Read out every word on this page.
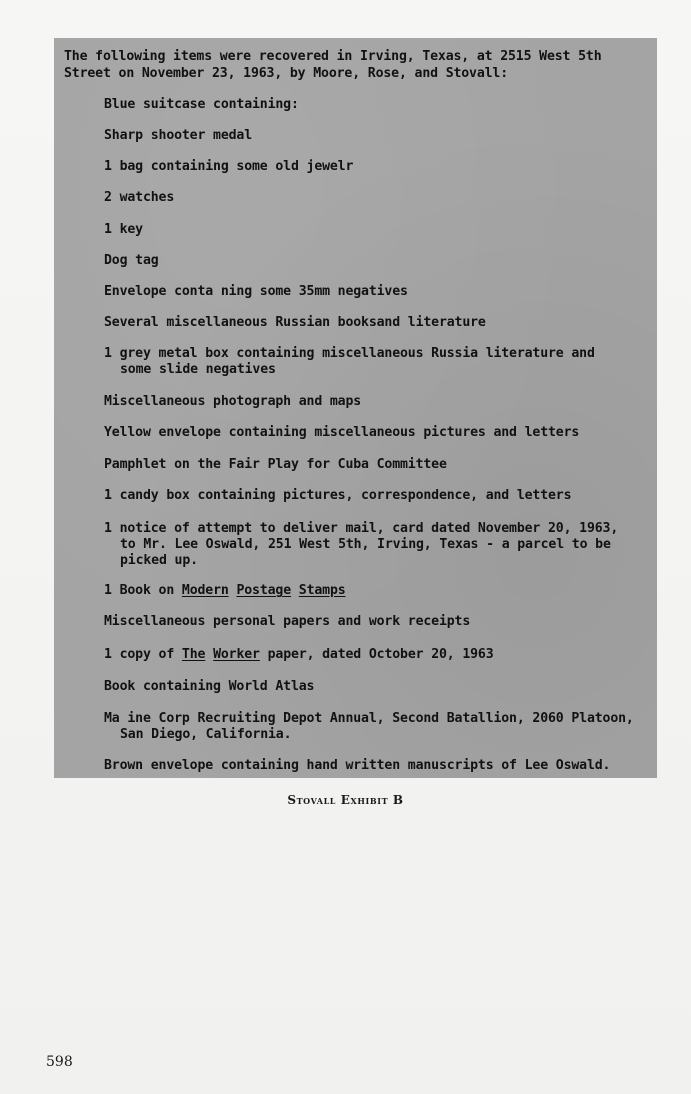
The following items were recovered in Irving, Texas, at 2515 West 5th
Street on November 23, 1963, by Moore, Rose, and Stovall:
Blue suitcase containing:
Sharp shooter medal
1 bag containing some old jewelr
2 watches
1 key
Dog tag
Envelope conta ning some 35mm negatives
Several miscellaneous Russian booksand literature
1 grey metal box containing miscellaneous Russia literature and
some slide negatives
Miscellaneous photograph and maps
Yellow envelope containing miscellaneous pictures and letters
Pamphlet on the Fair Play for Cuba Committee
1 candy box containing pictures, correspondence, and letters
1 notice of attempt to deliver mail, card dated November 20, 1963,
to Mr. Lee Oswald, 251 West 5th, Irving, Texas - a parcel to be
picked up.
1 Book on Modern Postage Stamps
Miscellaneous personal papers and work receipts
1 copy of The Worker paper, dated October 20, 1963
Book containing World Atlas
Ma ine Corp Recruiting Depot Annual, Second Batallion, 2060 Platoon,
San Diego, California.
Brown envelope containing hand written manuscripts of Lee Oswald.
Stovall Exhibit B
598
